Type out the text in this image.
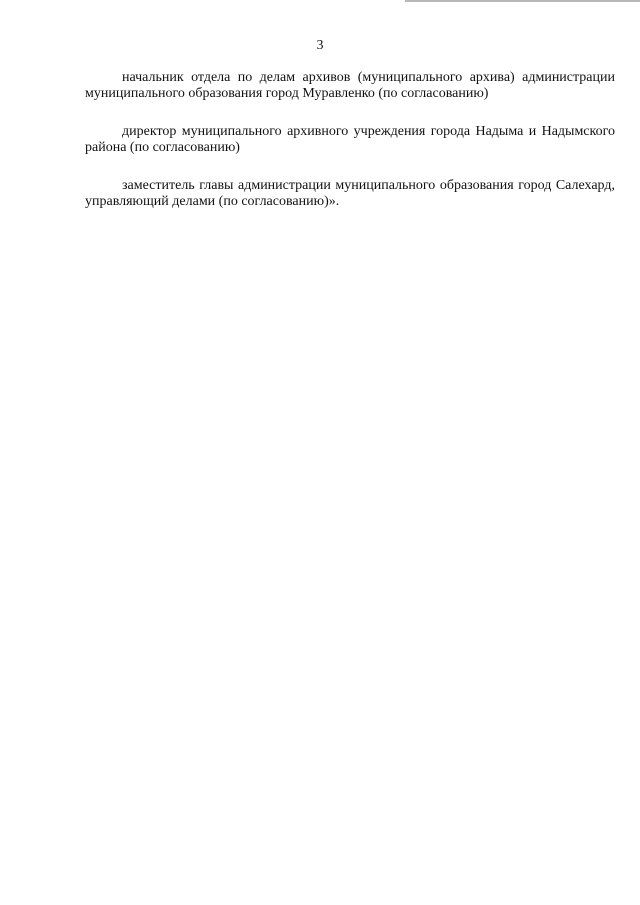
3

начальник отдела по делам архивов (муниципального архива) администрации муниципального образования город Муравленко (по согласованию)

директор муниципального архивного учреждения города Надыма и Надымского района (по согласованию)

заместитель главы администрации муниципального образования город Салехард, управляющий делами (по согласованию)».
